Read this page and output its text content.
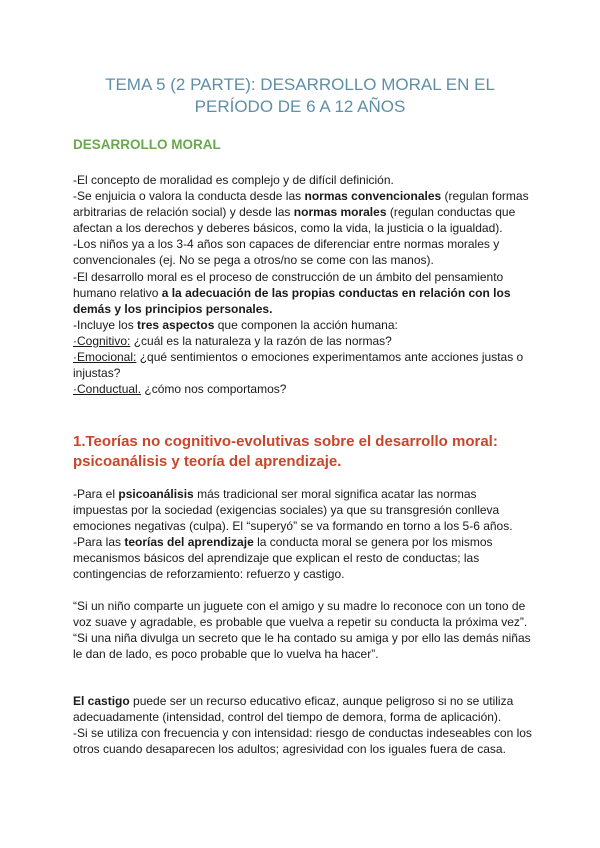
TEMA 5 (2 PARTE): DESARROLLO MORAL EN EL
PERÍODO DE 6 A 12 AÑOS
DESARROLLO MORAL

-El concepto de moralidad es complejo y de difícil definición.

-Se enjuicia o valora la conducta desde las normas convencionales (regulan formas arbitrarias de relación social) y desde las normas morales (regulan conductas que afectan a los derechos y deberes básicos, como la vida, la justicia o la igualdad).

-Los niños ya a los 3-4 años son capaces de diferenciar entre normas morales y convencionales (ej. No se pega a otros/no se come con las manos).

-El desarrollo moral es el proceso de construcción de un ámbito del pensamiento humano relativo a la adecuación de las propias conductas en relación con los demás y los principios personales.

-Incluye los tres aspectos que componen la acción humana:

·Cognitivo: ¿cuál es la naturaleza y la razón de las normas?

·Emocional: ¿qué sentimientos o emociones experimentamos ante acciones justas o injustas?

·Conductual. ¿cómo nos comportamos?

1.Teorías no cognitivo-evolutivas sobre el desarrollo moral: psicoanálisis y teoría del aprendizaje.

-Para el psicoanálisis más tradicional ser moral significa acatar las normas impuestas por la sociedad (exigencias sociales) ya que su transgresión conlleva emociones negativas (culpa). El “superyó” se va formando en torno a los 5-6 años.

-Para las teorías del aprendizaje la conducta moral se genera por los mismos mecanismos básicos del aprendizaje que explican el resto de conductas; las contingencias de reforzamiento: refuerzo y castigo.

“Si un niño comparte un juguete con el amigo y su madre lo reconoce con un tono de voz suave y agradable, es probable que vuelva a repetir su conducta la próxima vez”.

“Si una niña divulga un secreto que le ha contado su amiga y por ello las demás niñas le dan de lado, es poco probable que lo vuelva ha hacer”.

El castigo puede ser un recurso educativo eficaz, aunque peligroso si no se utiliza adecuadamente (intensidad, control del tiempo de demora, forma de aplicación).

-Si se utiliza con frecuencia y con intensidad: riesgo de conductas indeseables con los otros cuando desaparecen los adultos; agresividad con los iguales fuera de casa.
